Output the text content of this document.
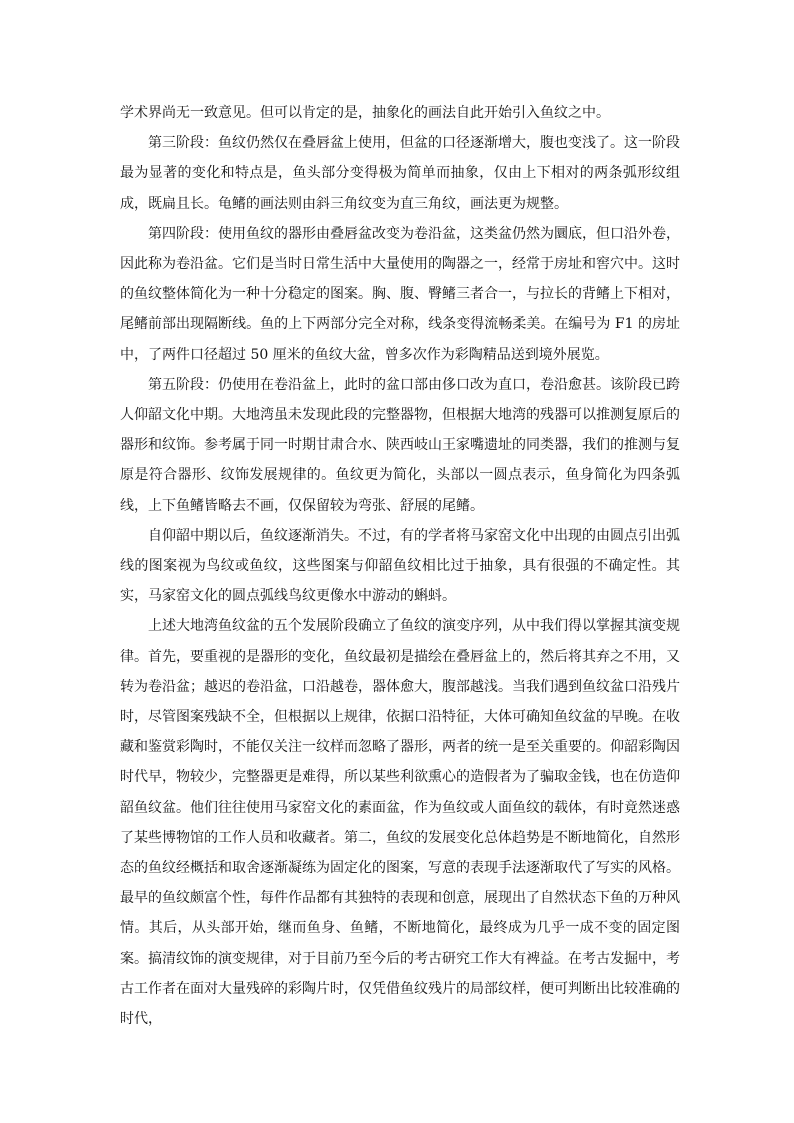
学术界尚无一致意见。但可以肯定的是，抽象化的画法自此开始引入鱼纹之中。

第三阶段：鱼纹仍然仅在叠唇盆上使用，但盆的口径逐渐增大，腹也变浅了。这一阶段最为显著的变化和特点是，鱼头部分变得极为简单而抽象，仅由上下相对的两条弧形纹组成，既扁且长。龟鳍的画法则由斜三角纹变为直三角纹，画法更为规整。

第四阶段：使用鱼纹的器形由叠唇盆改变为卷沿盆，这类盆仍然为圜底，但口沿外卷，因此称为卷沿盆。它们是当时日常生活中大量使用的陶器之一，经常于房址和窖穴中。这时的鱼纹整体简化为一种十分稳定的图案。胸、腹、臀鳍三者合一，与拉长的背鳍上下相对，尾鳍前部出现隔断线。鱼的上下两部分完全对称，线条变得流畅柔美。在编号为 F1 的房址中，了两件口径超过 50 厘米的鱼纹大盆，曾多次作为彩陶精品送到境外展览。

第五阶段：仍使用在卷沿盆上，此时的盆口部由侈口改为直口，卷沿愈甚。该阶段已跨人仰韶文化中期。大地湾虽未发现此段的完整器物，但根据大地湾的残器可以推测复原后的器形和纹饰。参考属于同一时期甘肃合水、陕西岐山王家嘴遗址的同类器，我们的推测与复原是符合器形、纹饰发展规律的。鱼纹更为简化，头部以一圆点表示，鱼身简化为四条弧线，上下鱼鳍皆略去不画，仅保留较为弯张、舒展的尾鳍。

自仰韶中期以后，鱼纹逐渐消失。不过，有的学者将马家窑文化中出现的由圆点引出弧线的图案视为鸟纹或鱼纹，这些图案与仰韶鱼纹相比过于抽象，具有很强的不确定性。其实，马家窑文化的圆点弧线鸟纹更像水中游动的蝌蚪。

上述大地湾鱼纹盆的五个发展阶段确立了鱼纹的演变序列，从中我们得以掌握其演变规律。首先，要重视的是器形的变化，鱼纹最初是描绘在叠唇盆上的，然后将其弃之不用，又转为卷沿盆；越迟的卷沿盆，口沿越卷，器体愈大，腹部越浅。当我们遇到鱼纹盆口沿残片时，尽管图案残缺不全，但根据以上规律，依据口沿特征，大体可确知鱼纹盆的早晚。在收藏和鉴赏彩陶时，不能仅关注一纹样而忽略了器形，两者的统一是至关重要的。仰韶彩陶因时代早，物较少，完整器更是难得，所以某些利欲熏心的造假者为了骗取金钱，也在仿造仰韶鱼纹盆。他们往往使用马家窑文化的素面盆，作为鱼纹或人面鱼纹的载体，有时竟然迷惑了某些博物馆的工作人员和收藏者。第二，鱼纹的发展变化总体趋势是不断地简化，自然形态的鱼纹经概括和取舍逐渐凝练为固定化的图案，写意的表现手法逐渐取代了写实的风格。最早的鱼纹颇富个性，每件作品都有其独特的表现和创意，展现出了自然状态下鱼的万种风情。其后，从头部开始，继而鱼身、鱼鳍，不断地简化，最终成为几乎一成不变的固定图案。搞清纹饰的演变规律，对于目前乃至今后的考古研究工作大有裨益。在考古发掘中，考古工作者在面对大量残碎的彩陶片时，仅凭借鱼纹残片的局部纹样，便可判断出比较准确的时代，
